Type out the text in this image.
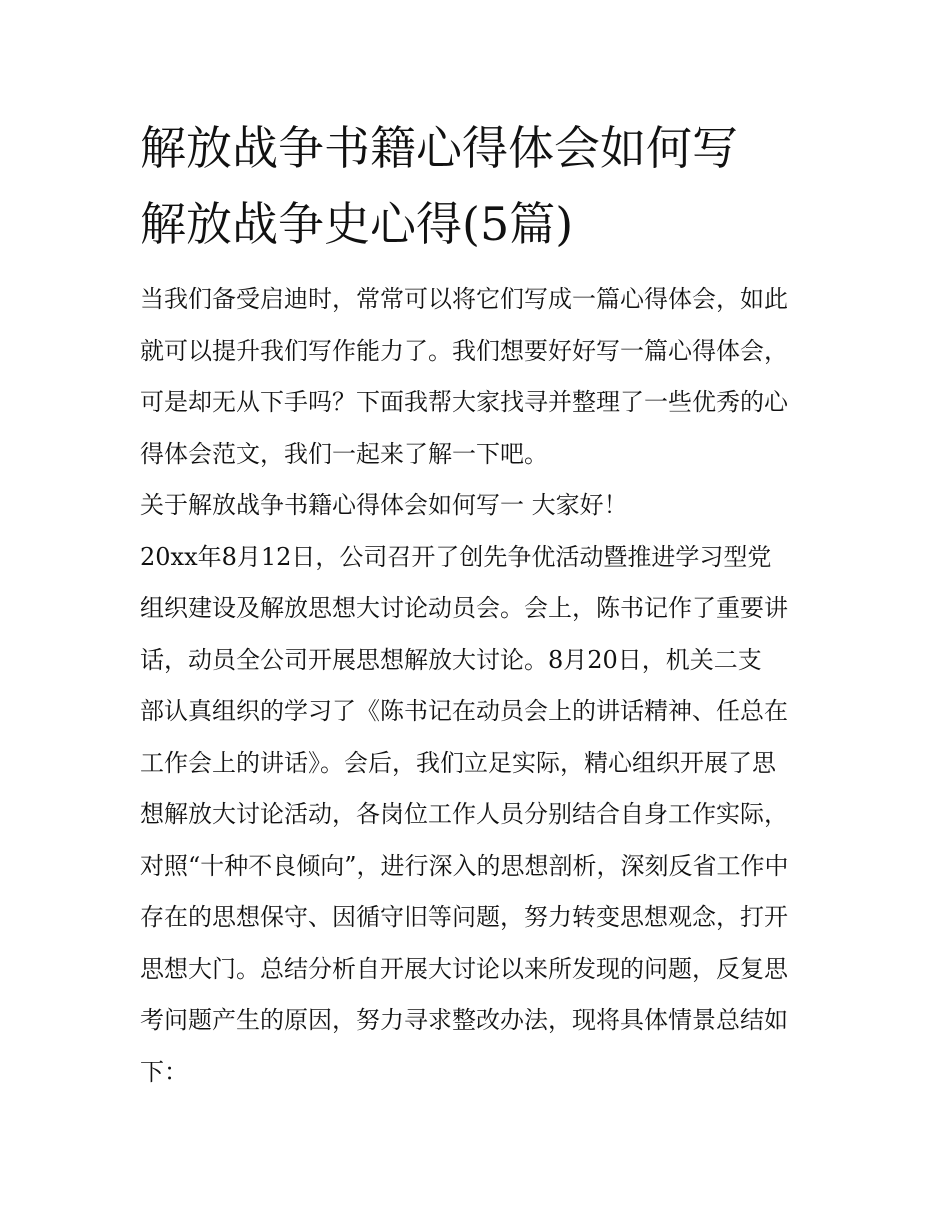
解放战争书籍心得体会如何写
解放战争史心得(5篇)

当我们备受启迪时，常常可以将它们写成一篇心得体会，如此
就可以提升我们写作能力了。我们想要好好写一篇心得体会，
可是却无从下手吗？下面我帮大家找寻并整理了一些优秀的心
得体会范文，我们一起来了解一下吧。

关于解放战争书籍心得体会如何写一 大家好！

20xx年8月12日，公司召开了创先争优活动暨推进学习型党
组织建设及解放思想大讨论动员会。会上，陈书记作了重要讲
话，动员全公司开展思想解放大讨论。8月20日，机关二支
部认真组织的学习了《陈书记在动员会上的讲话精神、任总在
工作会上的讲话》。会后，我们立足实际，精心组织开展了思
想解放大讨论活动，各岗位工作人员分别结合自身工作实际，
对照“十种不良倾向”，进行深入的思想剖析，深刻反省工作中
存在的思想保守、因循守旧等问题，努力转变思想观念，打开
思想大门。总结分析自开展大讨论以来所发现的问题，反复思
考问题产生的原因，努力寻求整改办法，现将具体情景总结如
下：
